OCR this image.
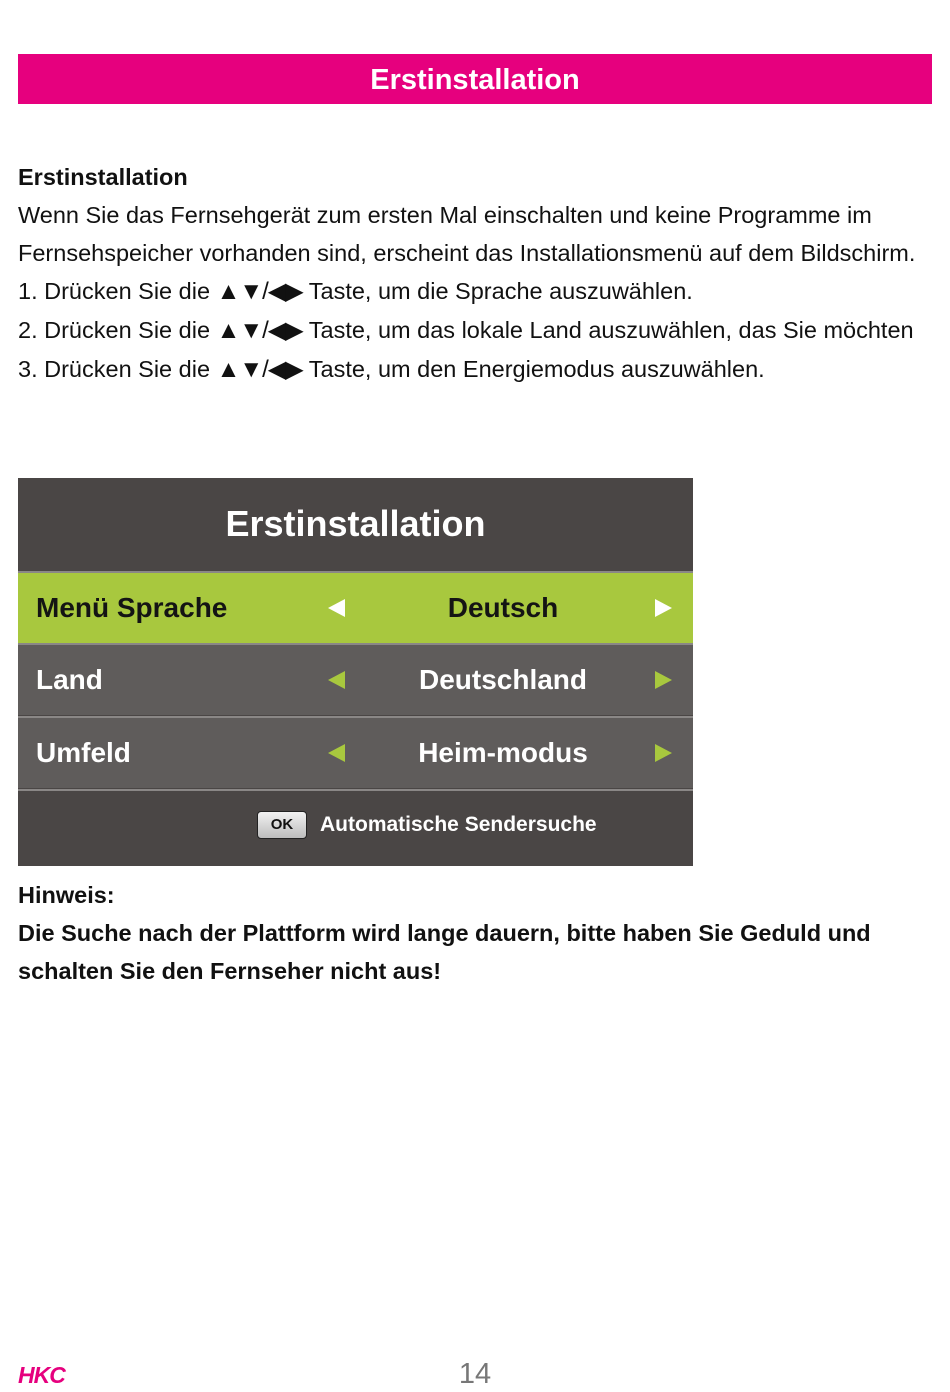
Erstinstallation

Erstinstallation

Wenn Sie das Fernsehgerät zum ersten Mal einschalten und keine Programme im Fernsehspeicher vorhanden sind, erscheint das Installationsmenü auf dem Bildschirm.

1. Drücken Sie die ▲▼/◀▶ Taste, um die Sprache auszuwählen.

2. Drücken Sie die ▲▼/◀▶ Taste, um das lokale Land auszuwählen, das Sie möchten

3. Drücken Sie die ▲▼/◀▶ Taste, um den Energiemodus auszuwählen.

Erstinstallation
Menü Sprache	Deutsch
Land	Deutschland
Umfeld	Heim-modus
OK	Automatische Sendersuche

Hinweis:

Die Suche nach der Plattform wird lange dauern, bitte haben Sie Geduld und schalten Sie den Fernseher nicht aus!

HKC	14
